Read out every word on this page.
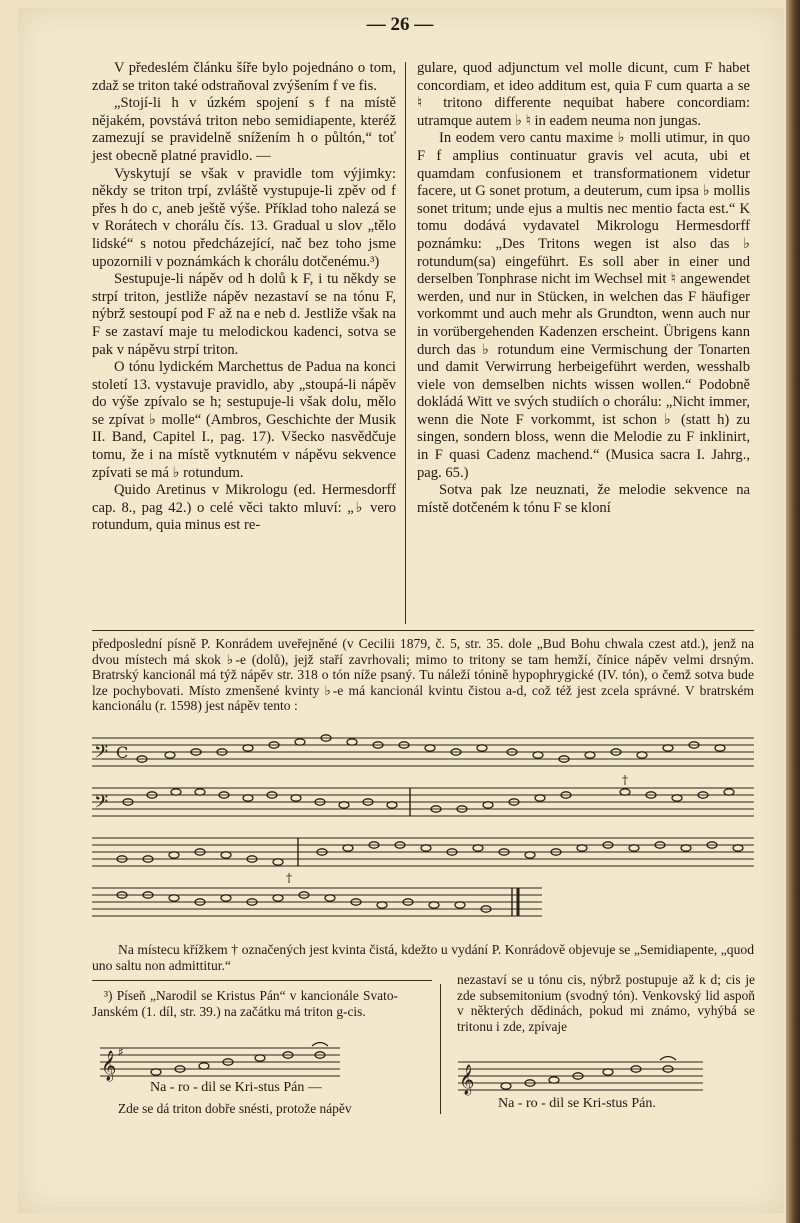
— 26 —

V předeslém článku šíře bylo pojednáno o tom, zdaž se triton také odstraňoval zvýšením f ve fis.

„Stojí-li h v úzkém spojení s f na místě nějakém, povstává triton nebo semidiapente, kteréž zamezují se pravidelně snížením h o půltón,“ toť jest obecně platné pravidlo. —

Vyskytují se však v pravidle tom výjimky: někdy se triton trpí, zvláště vystupuje-li zpěv od f přes h do c, aneb ještě výše. Příklad toho nalezá se v Rorátech v chorálu čís. 13. Gradual u slov „tělo lidské“ s notou předcházející, nač bez toho jsme upozornili v poznámkách k chorálu dotčenému.³)

Sestupuje-li nápěv od h dolů k F, i tu někdy se strpí triton, jestliže nápěv nezastaví se na tónu F, nýbrž sestoupí pod F až na e neb d. Jestliže však na F se zastaví maje tu melodickou kadenci, sotva se pak v nápěvu strpí triton.

O tónu lydickém Marchettus de Padua na konci století 13. vystavuje pravidlo, aby „stoupá-li nápěv do výše zpívalo se h; sestupuje-li však dolu, mělo se zpívat ♭ molle“ (Ambros, Geschichte der Musik II. Band, Capitel I., pag. 17). Všecko nasvědčuje tomu, že i na místě vytknutém v nápěvu sekvence zpívati se má ♭ rotundum.

Quido Aretinus v Mikrologu (ed. Hermesdorff cap. 8., pag 42.) o celé věci takto mluví: „♭ vero rotundum, quia minus est re-

gulare, quod adjunctum vel molle dicunt, cum F habet concordiam, et ideo additum est, quia F cum quarta a se ♮ tritono differente nequibat habere concordiam: utramque autem ♭ ♮ in eadem neuma non jungas.

In eodem vero cantu maxime ♭ molli utimur, in quo F f amplius continuatur gravis vel acuta, ubi et quamdam confusionem et transformationem videtur facere, ut G sonet protum, a deuterum, cum ipsa ♭ mollis sonet tritum; unde ejus a multis nec mentio facta est.“ K tomu dodává vydavatel Mikrologu Hermesdorff poznámku: „Des Tritons wegen ist also das ♭ rotundum(sa) eingeführt. Es soll aber in einer und derselben Tonphrase nicht im Wechsel mit ♮ angewendet werden, und nur in Stücken, in welchen das F häufiger vorkommt und auch mehr als Grundton, wenn auch nur in vorübergehenden Kadenzen erscheint. Übrigens kann durch das ♭ rotundum eine Vermischung der Tonarten und damit Verwirrung herbeigeführt werden, wesshalb viele von demselben nichts wissen wollen.“ Podobně dokládá Witt ve svých studiích o chorálu: „Nicht immer, wenn die Note F vorkommt, ist schon ♭ (statt h) zu singen, sondern bloss, wenn die Melodie zu F inklinirt, in F quasi Cadenz machend.“ (Musica sacra I. Jahrg., pag. 65.)

Sotva pak lze neuznati, že melodie sekvence na místě dotčeném k tónu F se kloní

předposlední písně P. Konrádem uveřejněné (v Cecilii 1879, č. 5, str. 35. dole „Bud Bohu chwala czest atd.), jenž na dvou místech má skok ♭-e (dolů), jejž staří zavrhovali; mimo to tritony se tam hemží, čínice nápěv velmi drsným. Bratrský kancionál má týž nápěv str. 318 o tón níže psaný. Tu náleží tónině hypophrygické (IV. tón), o čemž sotva bude lze pochybovati. Místo zmenšené kvinty ♭-e má kancionál kvintu čistou a-d, což též jest zcela správné. V bratrském kancionálu (r. 1598) jest nápěv tento :

𝄢 C
𝄢
†
†

Na místecu křížkem † označených jest kvinta čistá, kdežto u vydání P. Konrádově objevuje se „Semidiapente, „quod uno saltu non admittitur.“

³) Píseň „Narodil se Kristus Pán“ v kancionále Svato-Janském (1. díl, str. 39.) na začátku má triton g-cis.

𝄞 ♯
Na - ro - dil se Kri-stus Pán —

Zde se dá triton dobře snésti, protože nápěv

nezastaví se u tónu cis, nýbrž postupuje až k d; cis je zde subsemitonium (svodný tón). Venkovský lid aspoň v některých dědinách, pokud mi známo, vyhýbá se tritonu i zde, zpívaje

𝄞
Na - ro - dil se Kri-stus Pán.
